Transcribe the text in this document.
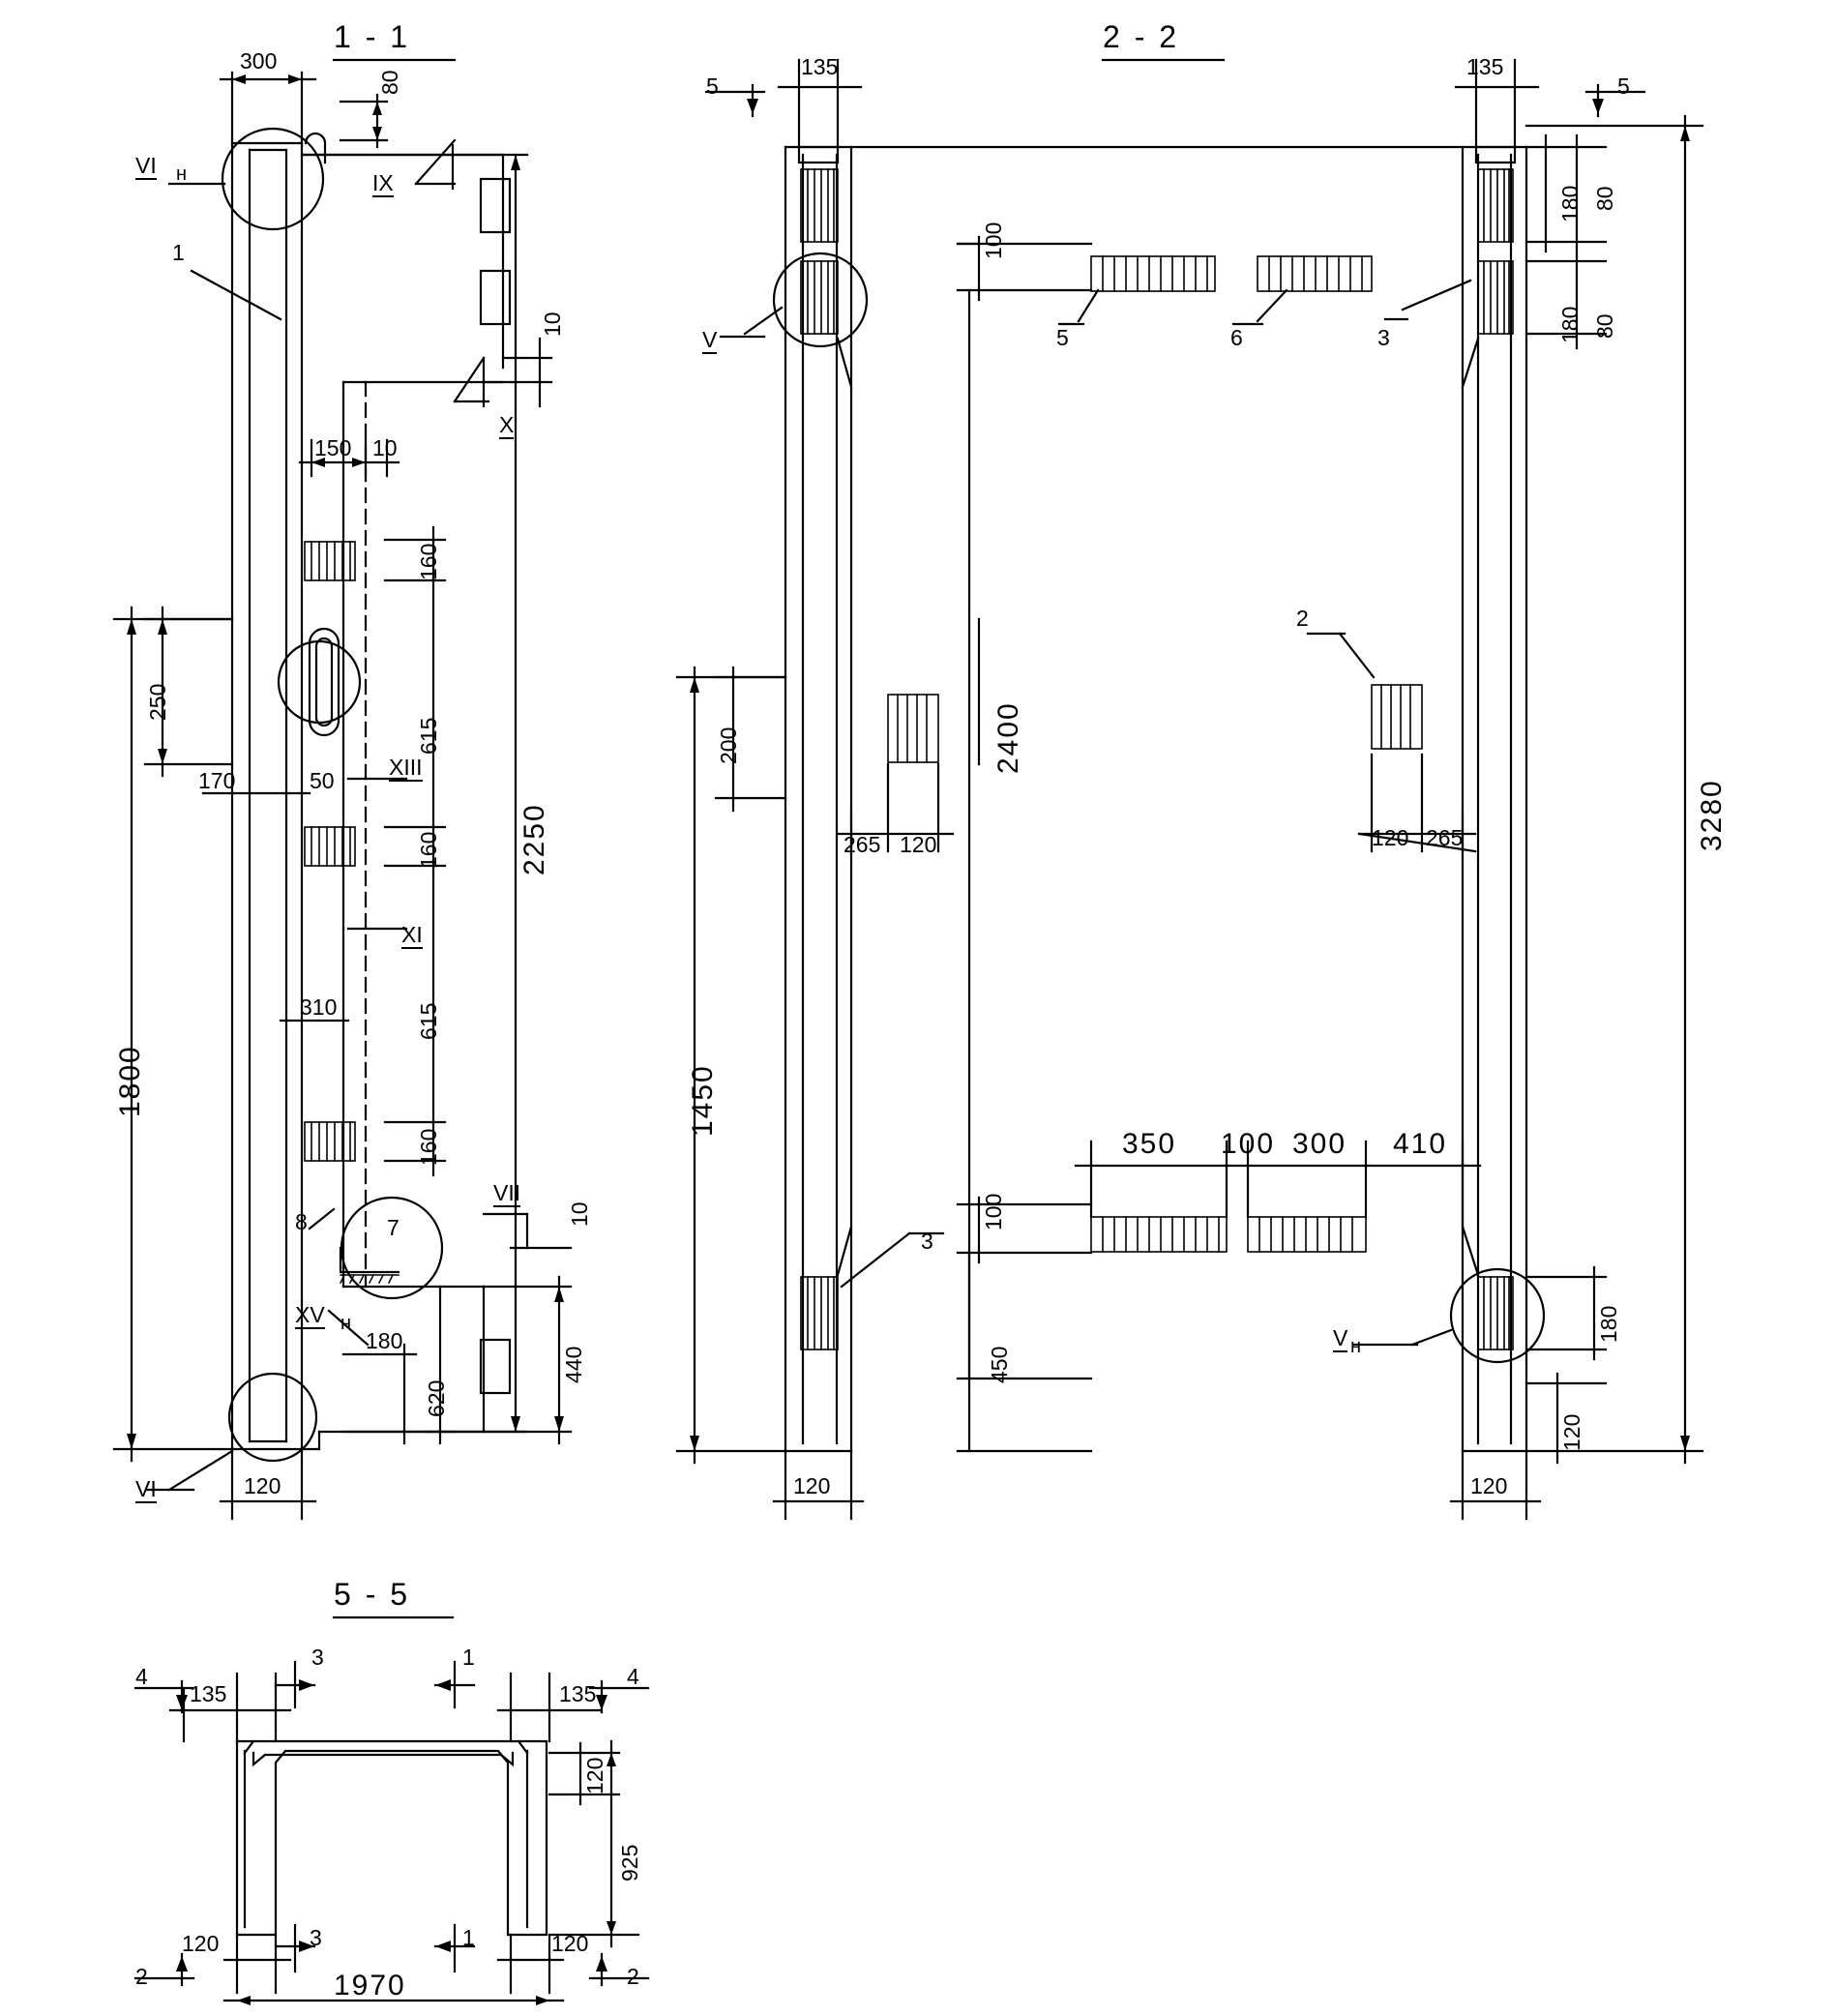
1 - 1
300
80
VI н	IX
1
10
X
150 10
160
615
160
615
160
2250
250
1800
170	50
XIII
310
XI
8	7
VII
XV н
180
620
440
10
VI	120
2 - 2
5	5
135	135
180 80
180 80
3280
V
100
5	6	3
200	2400
1450
2
265 120	120 265
350 100 300 410
100
450
3
V н
180
120
120	120
5 - 5
4	4
135	135
3	1
120
925
3	1
120	120
1970
2	2
